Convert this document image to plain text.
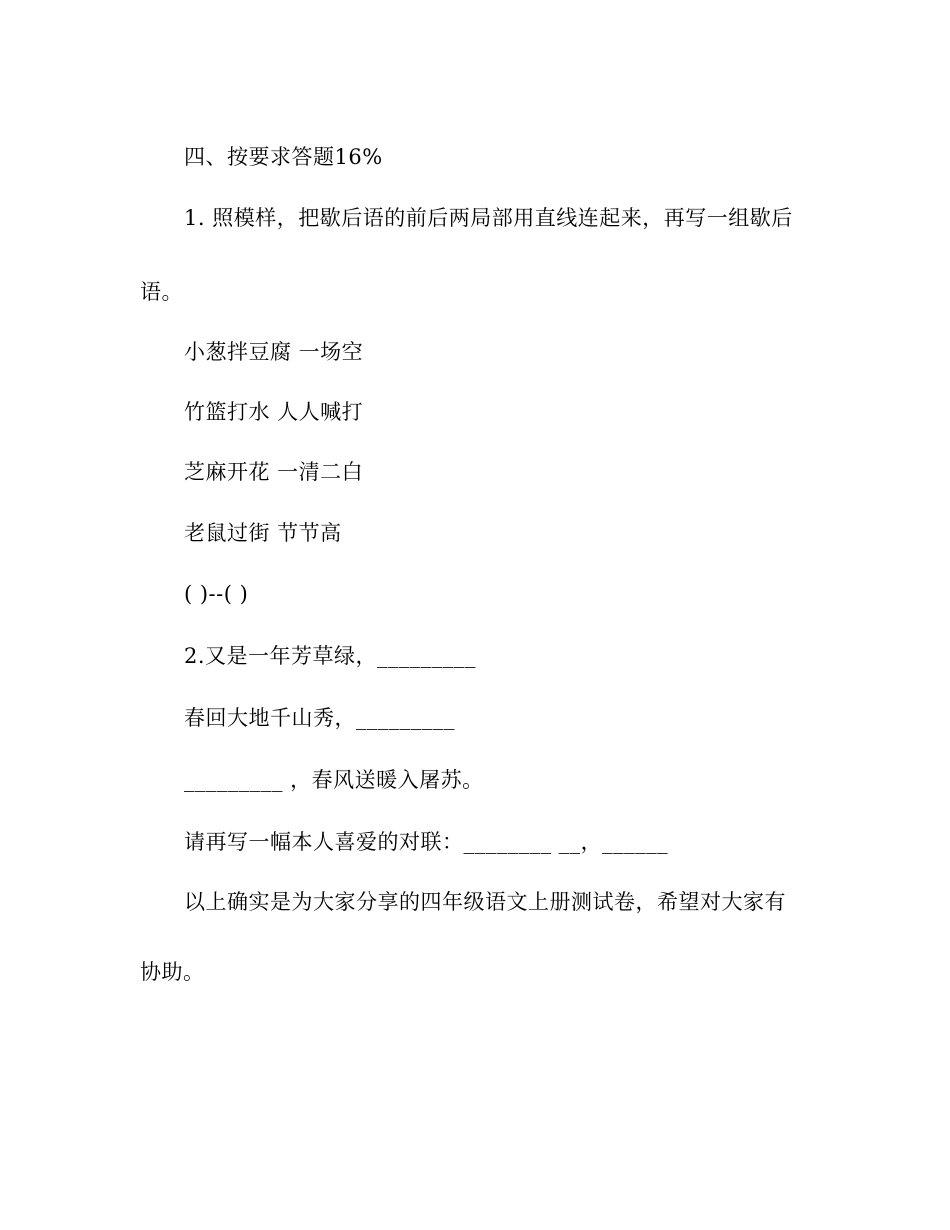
四、按要求答题16%
1. 照模样，把歇后语的前后两局部用直线连起来，再写一组歇后
语。
小葱拌豆腐 一场空
竹篮打水 人人喊打
芝麻开花 一清二白
老鼠过街 节节高
( )--( )
2.又是一年芳草绿，_________
春回大地千山秀，_________
_________ ，春风送暖入屠苏。
请再写一幅本人喜爱的对联：________ __，______
以上确实是为大家分享的四年级语文上册测试卷，希望对大家有
协助。
